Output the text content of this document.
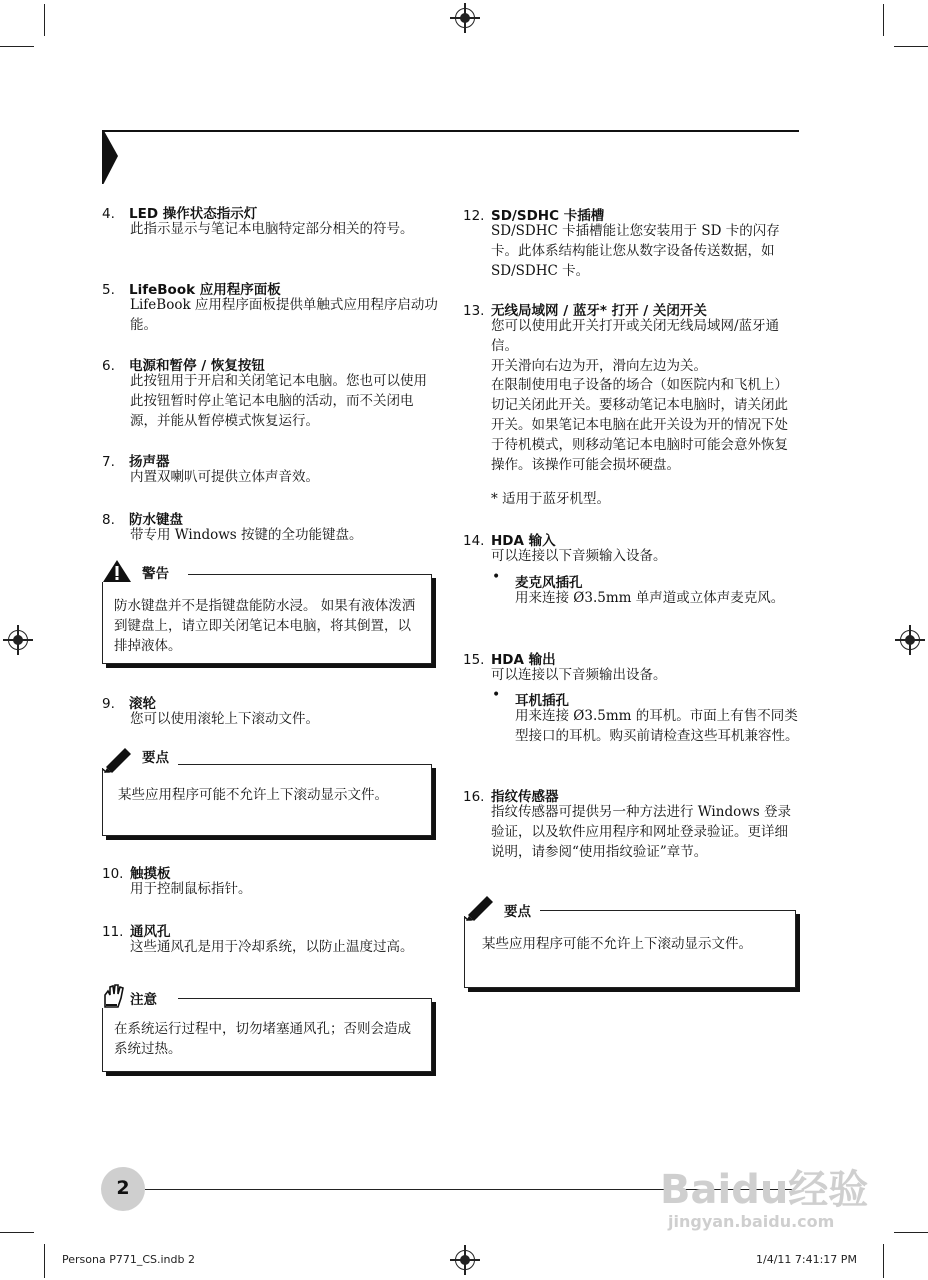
4. LED 操作状态指示灯
此指示显示与笔记本电脑特定部分相关的符号。
5. LifeBook 应用程序面板
LifeBook 应用程序面板提供单触式应用程序启动功能。
6. 电源和暂停 / 恢复按钮
此按钮用于开启和关闭笔记本电脑。您也可以使用此按钮暂时停止笔记本电脑的活动，而不关闭电源，并能从暂停模式恢复运行。
7. 扬声器
内置双喇叭可提供立体声音效。
8. 防水键盘
带专用 Windows 按键的全功能键盘。
警告
防水键盘并不是指键盘能防水浸。 如果有液体泼洒到键盘上，请立即关闭笔记本电脑，将其倒置，以排掉液体。
9. 滚轮
您可以使用滚轮上下滚动文件。
要点
某些应用程序可能不允许上下滚动显示文件。
10. 触摸板
用于控制鼠标指针。
11. 通风孔
这些通风孔是用于冷却系统，以防止温度过高。
注意
在系统运行过程中，切勿堵塞通风孔；否则会造成系统过热。
12. SD/SDHC 卡插槽
SD/SDHC 卡插槽能让您安装用于 SD 卡的闪存卡。此体系结构能让您从数字设备传送数据，如 SD/SDHC 卡。
13. 无线局域网 / 蓝牙* 打开 / 关闭开关
您可以使用此开关打开或关闭无线局域网/蓝牙通信。
开关滑向右边为开，滑向左边为关。
在限制使用电子设备的场合（如医院内和飞机上）切记关闭此开关。要移动笔记本电脑时，请关闭此开关。如果笔记本电脑在此开关设为开的情况下处于待机模式，则移动笔记本电脑时可能会意外恢复操作。该操作可能会损坏硬盘。
* 适用于蓝牙机型。
14. HDA 输入
可以连接以下音频输入设备。
• 麦克风插孔
用来连接 Ø3.5mm 单声道或立体声麦克风。
15. HDA 输出
可以连接以下音频输出设备。
• 耳机插孔
用来连接 Ø3.5mm 的耳机。市面上有售不同类型接口的耳机。购买前请检查这些耳机兼容性。
16. 指纹传感器
指纹传感器可提供另一种方法进行 Windows 登录验证，以及软件应用程序和网址登录验证。更详细说明，请参阅“使用指纹验证”章节。
要点
某些应用程序可能不允许上下滚动显示文件。
2	Baidu经验
jingyan.baidu.com
Persona P771_CS.indb 2	1/4/11 7:41:17 PM
